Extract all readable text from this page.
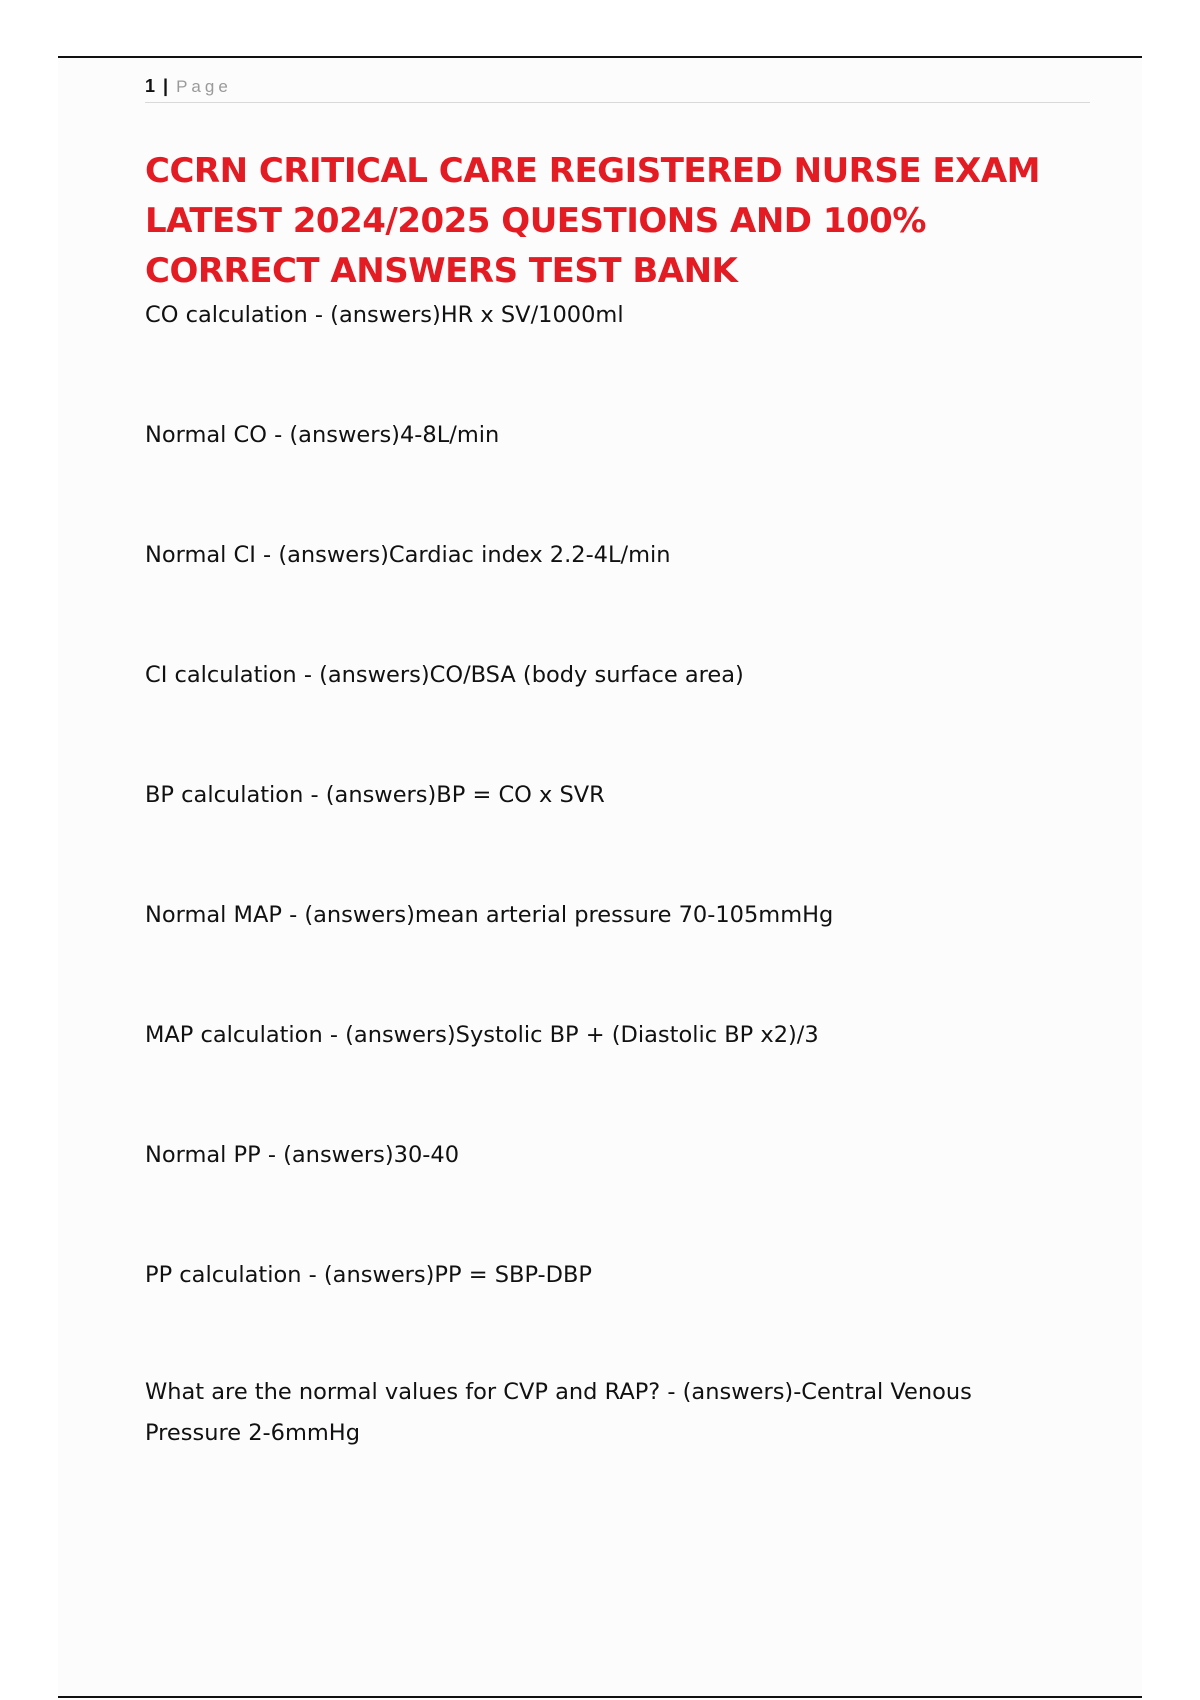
1 | Page
CCRN CRITICAL CARE REGISTERED NURSE EXAM LATEST 2024/2025 QUESTIONS AND 100% CORRECT ANSWERS TEST BANK

CO calculation - (answers)HR x SV/1000ml

Normal CO - (answers)4-8L/min

Normal CI - (answers)Cardiac index 2.2-4L/min

CI calculation - (answers)CO/BSA (body surface area)

BP calculation - (answers)BP = CO x SVR

Normal MAP - (answers)mean arterial pressure 70-105mmHg

MAP calculation - (answers)Systolic BP + (Diastolic BP x2)/3

Normal PP - (answers)30-40

PP calculation - (answers)PP = SBP-DBP

What are the normal values for CVP and RAP? - (answers)-Central Venous Pressure 2-6mmHg
